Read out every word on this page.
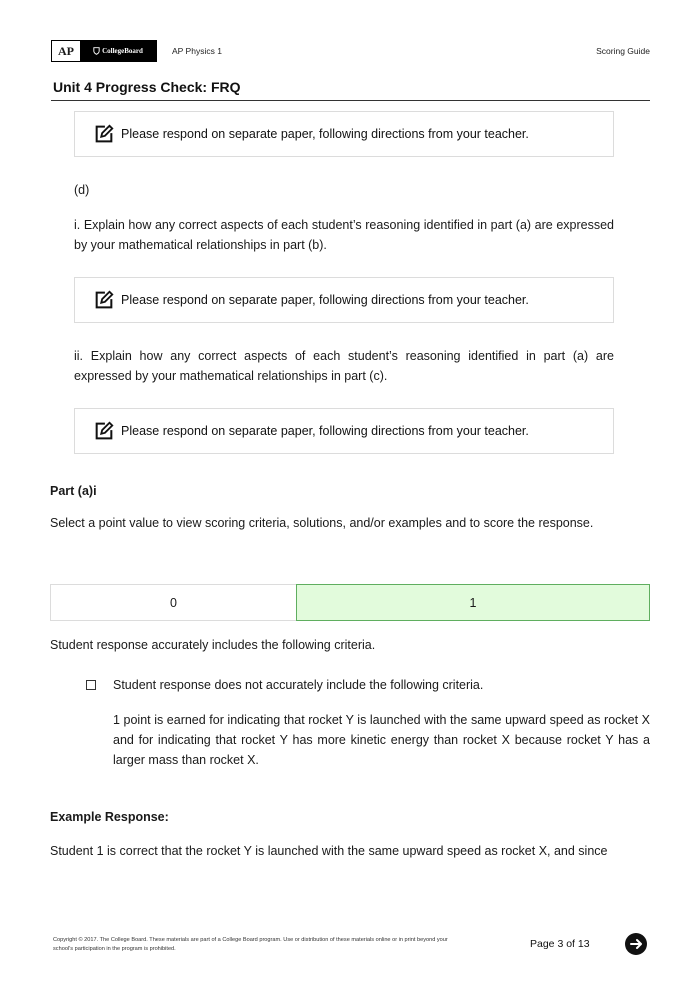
AP	CollegeBoard	AP Physics 1	Scoring Guide
Unit 4 Progress Check: FRQ
Please respond on separate paper, following directions from your teacher.
(d)
i. Explain how any correct aspects of each student’s reasoning identified in part (a) are expressed by your mathematical relationships in part (b).
Please respond on separate paper, following directions from your teacher.
ii. Explain how any correct aspects of each student’s reasoning identified in part (a) are expressed by your mathematical relationships in part (c).
Please respond on separate paper, following directions from your teacher.
Part (a)i
Select a point value to view scoring criteria, solutions, and/or examples and to score the response.
0	1
Student response accurately includes the following criteria.
Student response does not accurately include the following criteria.
1 point is earned for indicating that rocket Y is launched with the same upward speed as rocket X and for indicating that rocket Y has more kinetic energy than rocket X because rocket Y has a larger mass than rocket X.
Example Response:
Student 1 is correct that the rocket Y is launched with the same upward speed as rocket X, and since
Copyright © 2017. The College Board. These materials are part of a College Board program. Use or distribution of these materials online or in print beyond your school’s participation in the program is prohibited.	Page 3 of 13
